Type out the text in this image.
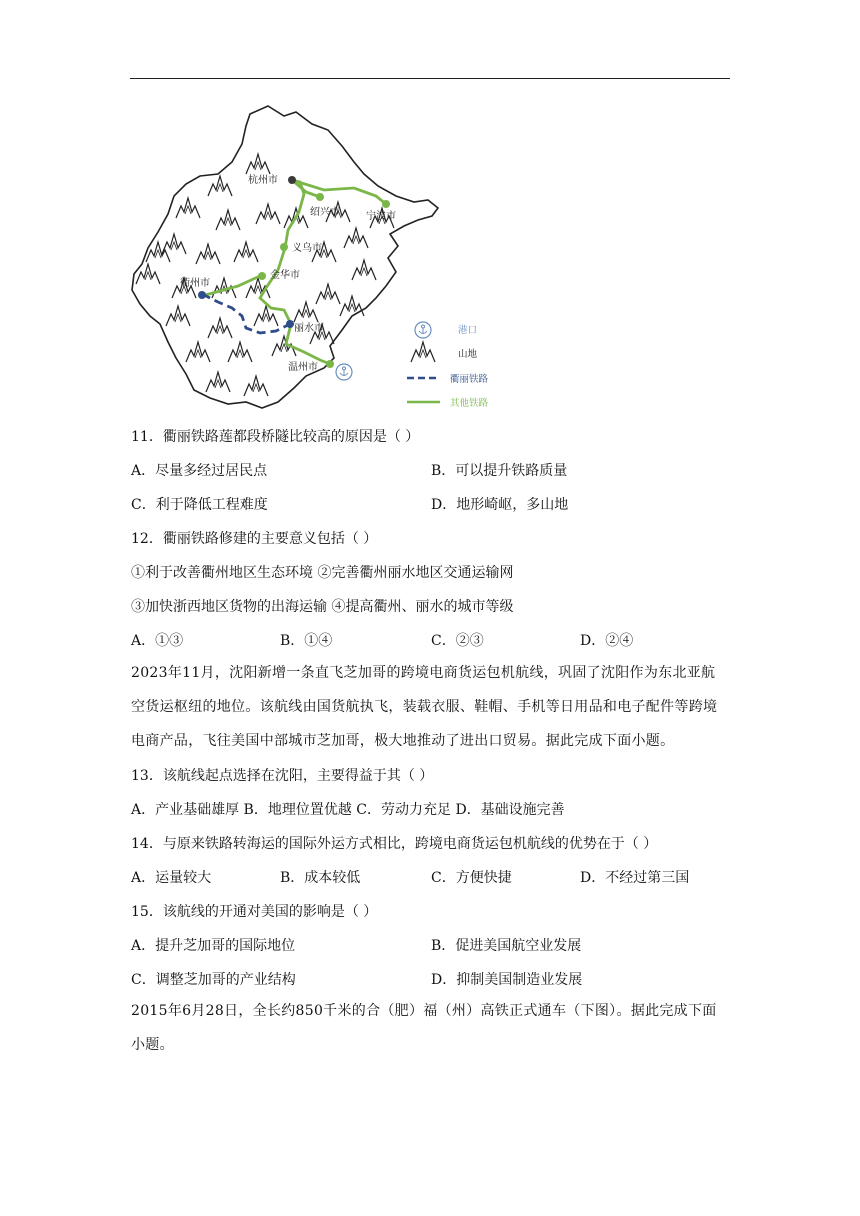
杭州市
绍兴市	宁波市
义乌市
金华市
衢州市
丽水市
温州市
港口
山地
衢丽铁路
其他铁路
11．衢丽铁路莲都段桥隧比较高的原因是（ ）
A．尽量多经过居民点	B．可以提升铁路质量
C．利于降低工程难度	D．地形崎岖，多山地
12．衢丽铁路修建的主要意义包括（ ）
①利于改善衢州地区生态环境 ②完善衢州丽水地区交通运输网
③加快浙西地区货物的出海运输 ④提高衢州、丽水的城市等级
A．①③	B．①④	C．②③	D．②④
2023年11月，沈阳新增一条直飞芝加哥的跨境电商货运包机航线，巩固了沈阳作为东北亚航空货运枢纽的地位。该航线由国货航执飞，装载衣服、鞋帽、手机等日用品和电子配件等跨境电商产品，飞往美国中部城市芝加哥，极大地推动了进出口贸易。据此完成下面小题。
13．该航线起点选择在沈阳，主要得益于其（ ）
A．产业基础雄厚 B．地理位置优越 C．劳动力充足 D．基础设施完善
14．与原来铁路转海运的国际外运方式相比，跨境电商货运包机航线的优势在于（ ）
A．运量较大	B．成本较低	C．方便快捷	D．不经过第三国
15．该航线的开通对美国的影响是（ ）
A．提升芝加哥的国际地位	B．促进美国航空业发展
C．调整芝加哥的产业结构	D．抑制美国制造业发展
2015年6月28日，全长约850千米的合（肥）福（州）高铁正式通车（下图）。据此完成下面小题。
